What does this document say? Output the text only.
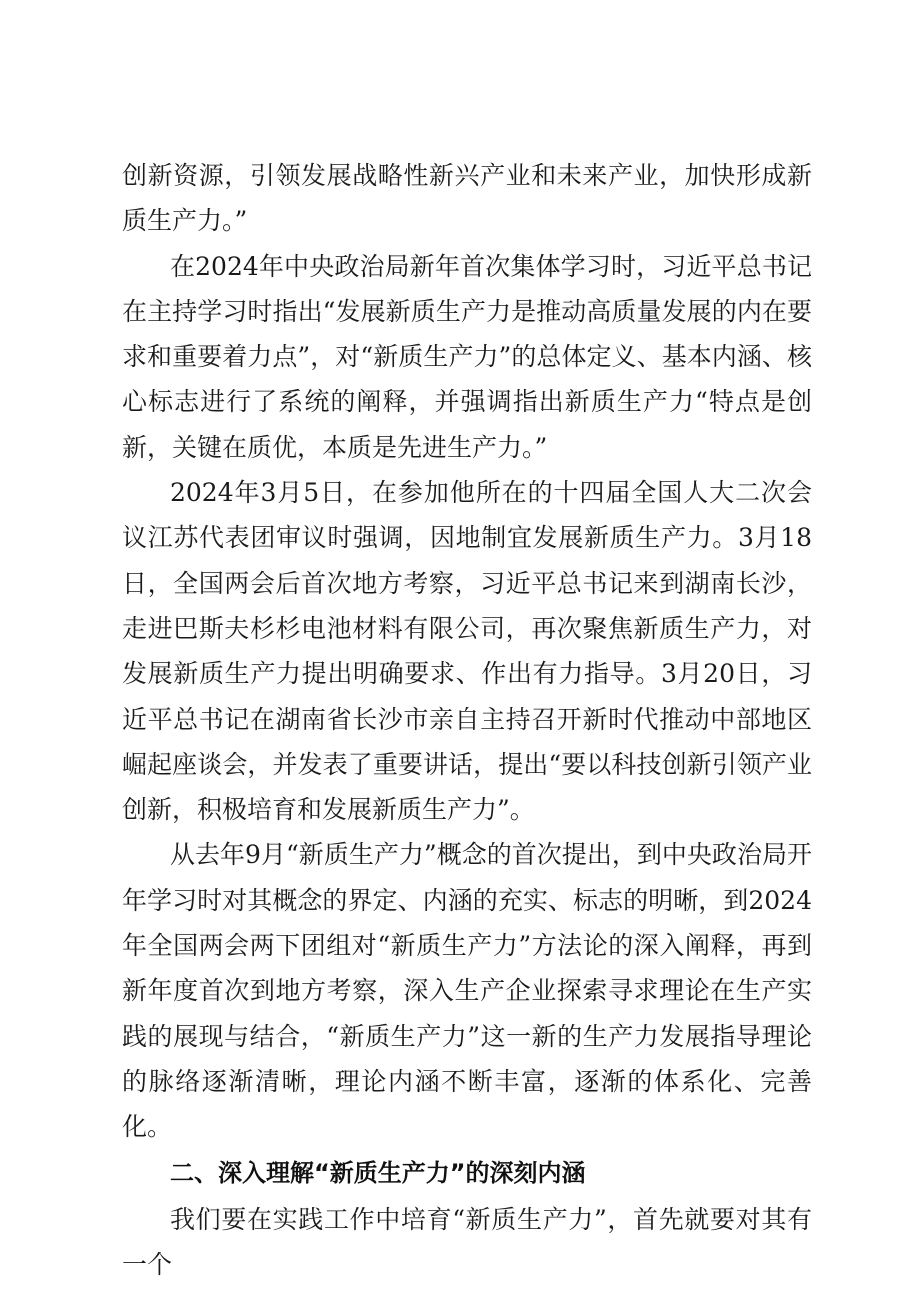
创新资源，引领发展战略性新兴产业和未来产业，加快形成新质生产力。”

在2024年中央政治局新年首次集体学习时，习近平总书记在主持学习时指出“发展新质生产力是推动高质量发展的内在要求和重要着力点”，对“新质生产力”的总体定义、基本内涵、核心标志进行了系统的阐释，并强调指出新质生产力“特点是创新，关键在质优，本质是先进生产力。”

2024年3月5日，在参加他所在的十四届全国人大二次会议江苏代表团审议时强调，因地制宜发展新质生产力。3月18日，全国两会后首次地方考察，习近平总书记来到湖南长沙，走进巴斯夫杉杉电池材料有限公司，再次聚焦新质生产力，对发展新质生产力提出明确要求、作出有力指导。3月20日，习近平总书记在湖南省长沙市亲自主持召开新时代推动中部地区崛起座谈会，并发表了重要讲话，提出“要以科技创新引领产业创新，积极培育和发展新质生产力”。

从去年9月“新质生产力”概念的首次提出，到中央政治局开年学习时对其概念的界定、内涵的充实、标志的明晰，到2024年全国两会两下团组对“新质生产力”方法论的深入阐释，再到新年度首次到地方考察，深入生产企业探索寻求理论在生产实践的展现与结合，“新质生产力”这一新的生产力发展指导理论的脉络逐渐清晰，理论内涵不断丰富，逐渐的体系化、完善化。

二、深入理解“新质生产力”的深刻内涵

我们要在实践工作中培育“新质生产力”，首先就要对其有一个
